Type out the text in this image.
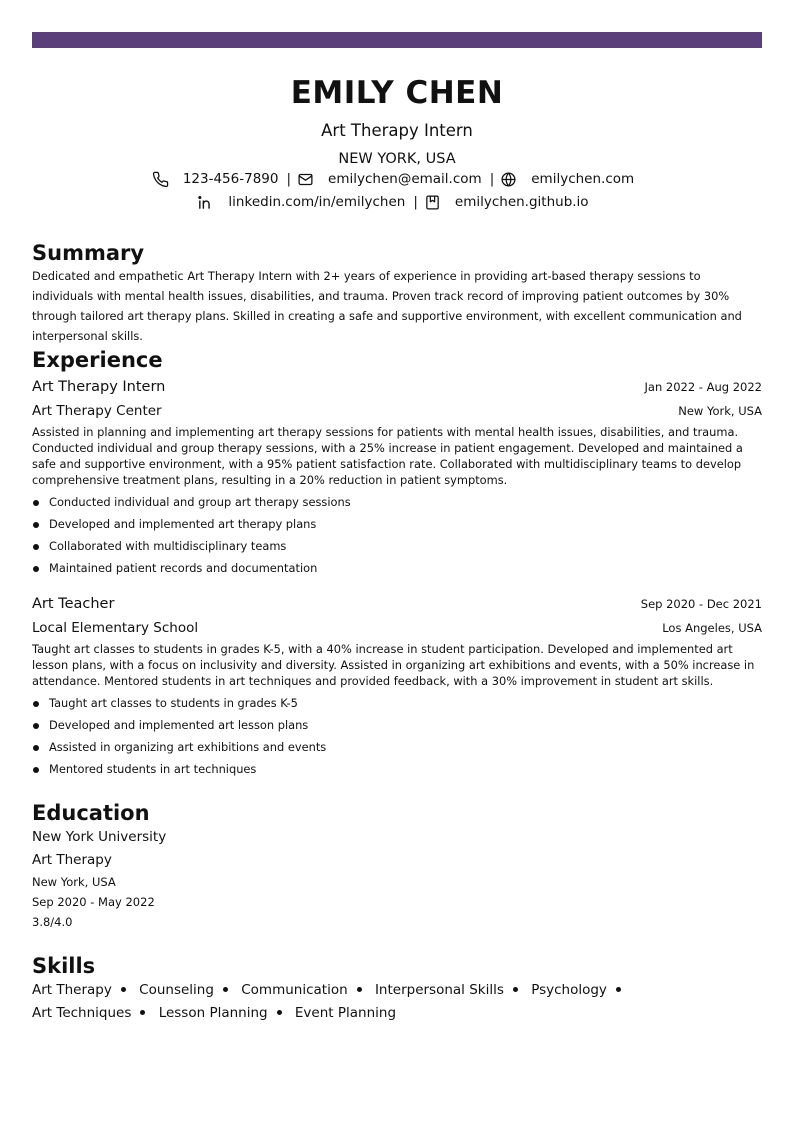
EMILY CHEN
Art Therapy Intern
NEW YORK, USA
123-456-7890 |	emilychen@email.com |	emilychen.com
linkedin.com/in/emilychen |	emilychen.github.io
Summary
Dedicated and empathetic Art Therapy Intern with 2+ years of experience in providing art-based therapy sessions to individuals with mental health issues, disabilities, and trauma. Proven track record of improving patient outcomes by 30% through tailored art therapy plans. Skilled in creating a safe and supportive environment, with excellent communication and interpersonal skills.
Experience
Art Therapy Intern	Jan 2022 - Aug 2022
Art Therapy Center	New York, USA
Assisted in planning and implementing art therapy sessions for patients with mental health issues, disabilities, and trauma. Conducted individual and group therapy sessions, with a 25% increase in patient engagement. Developed and maintained a safe and supportive environment, with a 95% patient satisfaction rate. Collaborated with multidisciplinary teams to develop comprehensive treatment plans, resulting in a 20% reduction in patient symptoms.
Conducted individual and group art therapy sessions
Developed and implemented art therapy plans
Collaborated with multidisciplinary teams
Maintained patient records and documentation
Art Teacher	Sep 2020 - Dec 2021
Local Elementary School	Los Angeles, USA
Taught art classes to students in grades K-5, with a 40% increase in student participation. Developed and implemented art lesson plans, with a focus on inclusivity and diversity. Assisted in organizing art exhibitions and events, with a 50% increase in attendance. Mentored students in art techniques and provided feedback, with a 30% improvement in student art skills.
Taught art classes to students in grades K-5
Developed and implemented art lesson plans
Assisted in organizing art exhibitions and events
Mentored students in art techniques
Education
New York University
Art Therapy
New York, USA
Sep 2020 - May 2022
3.8/4.0
Skills
Art Therapy Counseling Communication Interpersonal Skills Psychology Art Techniques Lesson Planning Event Planning
